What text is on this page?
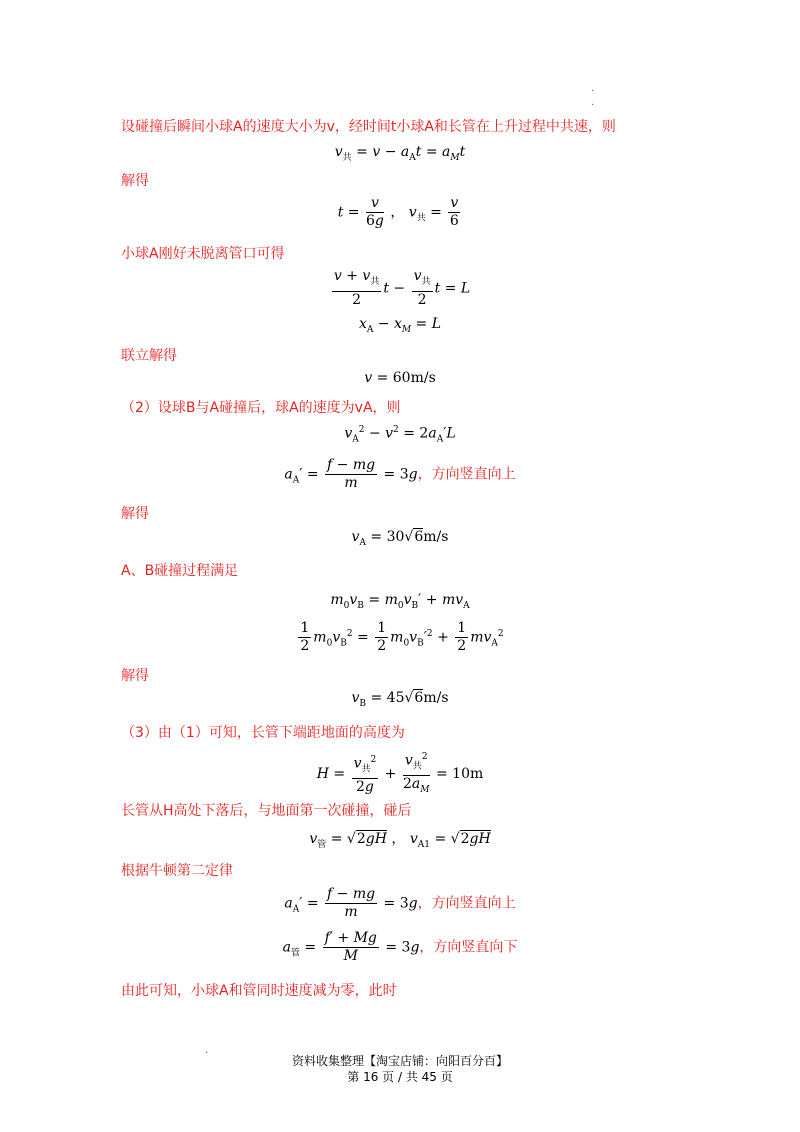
·
·
设碰撞后瞬间小球A的速度大小为v，经时间t小球A和长管在上升过程中共速，则
$v_共 = v - a_At = a_Mt$
解得
$t = \frac{v}{6g}$ ， $v_共 = \frac{v}{6}$
小球A刚好未脱离管口可得
$\frac{v + v_共}{2}$ $t - \frac{v_共}{2}$ t = L
$x_A - x_M = L$
联立解得
v = 60m/s
（2）设球B与A碰撞后，球A的速度为vA，则
$v_A^2 - v^2 = 2a_A'L$
$a_A' = \frac{f - mg}{m} = 3g$，方向竖直向上
解得
$v_A = 30√6m/s$
A、B碰撞过程满足
$m_0v_B = m_0v_B' + mv_A$
$\frac{1}{2} m_0v_B^2 = \frac{1}{2} m_0v_B'^2 + \frac{1}{2} mv_A^2$
解得
$v_B = 45√6m/s$
（3）由（1）可知，长管下端距地面的高度为
$H = \frac{v_共^2}{2g} + \frac{v_共^2}{2a_M} = 10m$
长管从H高处下落后，与地面第一次碰撞，碰后
$v_管 = √2gH$ ， $v_{A1} = √2gH$
根据牛顿第二定律
$a_A' = \frac{f - mg}{m} = 3g$，方向竖直向上
$a_管 = \frac{f' + Mg}{M} = 3g$，方向竖直向下
由此可知，小球A和管同时速度减为零，此时
·
资料收集整理【淘宝店铺：向阳百分百】
第 16 页 / 共 45 页
